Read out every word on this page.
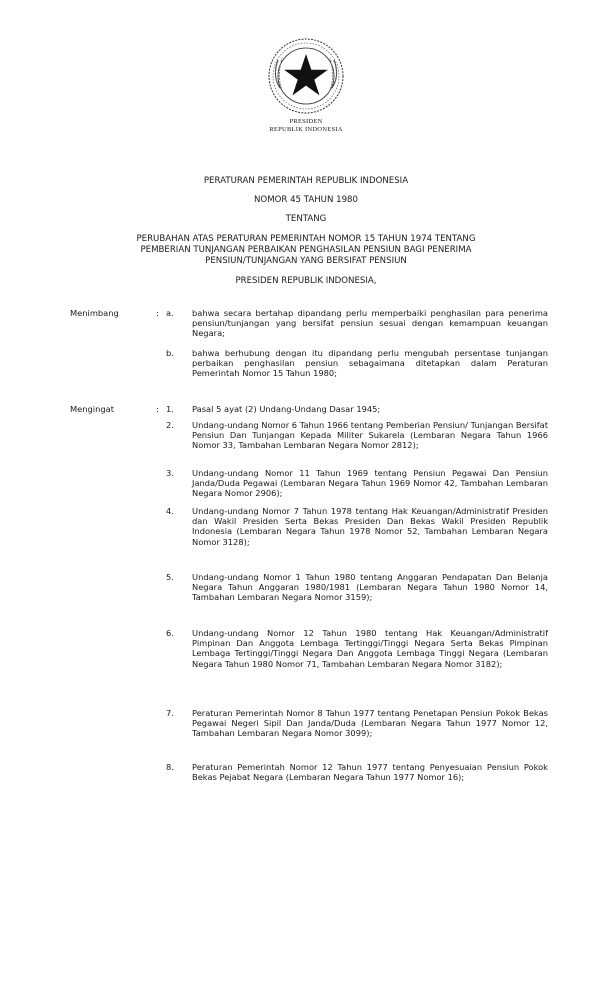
PRESIDEN
REPUBLIK INDONESIA
PERATURAN PEMERINTAH REPUBLIK INDONESIA
NOMOR 45 TAHUN 1980
TENTANG
PERUBAHAN ATAS PERATURAN PEMERINTAH NOMOR 15 TAHUN 1974 TENTANG
PEMBERIAN TUNJANGAN PERBAIKAN PENGHASILAN PENSIUN BAGI PENERIMA
PENSIUN/TUNJANGAN YANG BERSIFAT PENSIUN
PRESIDEN REPUBLIK INDONESIA,
Menimbang	: a.	bahwa secara bertahap dipandang perlu memperbaiki penghasilan para penerima pensiun/tunjangan yang bersifat pensiun sesuai dengan kemampuan keuangan Negara;
b.	bahwa berhubung dengan itu dipandang perlu mengubah persentase tunjangan perbaikan penghasilan pensiun sebagaimana ditetapkan dalam Peraturan Pemerintah Nomor 15 Tahun 1980;
Mengingat	: 1.	Pasal 5 ayat (2) Undang-Undang Dasar 1945;
2.	Undang-undang Nomor 6 Tahun 1966 tentang Pemberian Pensiun/ Tunjangan Bersifat Pensiun Dan Tunjangan Kepada Militer Sukarela (Lembaran Negara Tahun 1966 Nomor 33, Tambahan Lembaran Negara Nomor 2812);
3.	Undang-undang Nomor 11 Tahun 1969 tentang Pensiun Pegawai Dan Pensiun Janda/Duda Pegawai (Lembaran Negara Tahun 1969 Nomor 42, Tambahan Lembaran Negara Nomor 2906);
4.	Undang-undang Nomor 7 Tahun 1978 tentang Hak Keuangan/Administratif Presiden dan Wakil Presiden Serta Bekas Presiden Dan Bekas Wakil Presiden Republik Indonesia (Lembaran Negara Tahun 1978 Nomor 52, Tambahan Lembaran Negara Nomor 3128);
5.	Undang-undang Nomor 1 Tahun 1980 tentang Anggaran Pendapatan Dan Belanja Negara Tahun Anggaran 1980/1981 (Lembaran Negara Tahun 1980 Nomor 14, Tambahan Lembaran Negara Nomor 3159);
6.	Undang-undang Nomor 12 Tahun 1980 tentang Hak Keuangan/Administratif Pimpinan Dan Anggota Lembaga Tertinggi/Tinggi Negara Serta Bekas Pimpinan Lembaga Tertinggi/Tinggi Negara Dan Anggota Lembaga Tinggi Negara (Lembaran Negara Tahun 1980 Nomor 71, Tambahan Lembaran Negara Nomor 3182);
7.	Peraturan Pemerintah Nomor 8 Tahun 1977 tentang Penetapan Pensiun Pokok Bekas Pegawai Negeri Sipil Dan Janda/Duda (Lembaran Negara Tahun 1977 Nomor 12, Tambahan Lembaran Negara Nomor 3099);
8.	Peraturan Pemerintah Nomor 12 Tahun 1977 tentang Penyesuaian Pensiun Pokok Bekas Pejabat Negara (Lembaran Negara Tahun 1977 Nomor 16);
